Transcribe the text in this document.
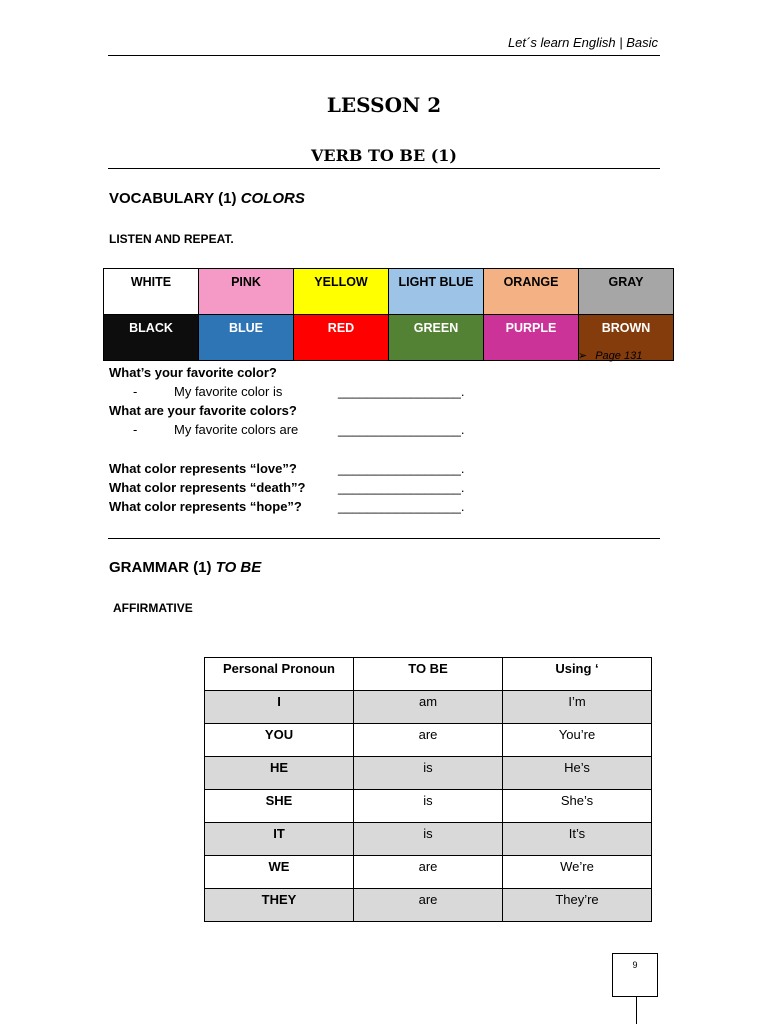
Let´s learn English | Basic
LESSON 2
VERB TO BE (1)
VOCABULARY (1) COLORS
LISTEN AND REPEAT.
WHITE	PINK	YELLOW	LIGHT BLUE	ORANGE	GRAY
BLACK	BLUE	RED	GREEN	PURPLE	BROWN
➢ Page 131
What’s your favorite color?
-	My favorite color is	_________________.
What are your favorite colors?
-	My favorite colors are	_________________.
What color represents “love”?	_________________.
What color represents “death”?	_________________.
What color represents “hope”?	_________________.
GRAMMAR (1) TO BE
AFFIRMATIVE
Personal Pronoun	TO BE	Using ‘
I	am	I’m
YOU	are	You’re
HE	is	He’s
SHE	is	She’s
IT	is	It’s
WE	are	We’re
THEY	are	They’re
9
